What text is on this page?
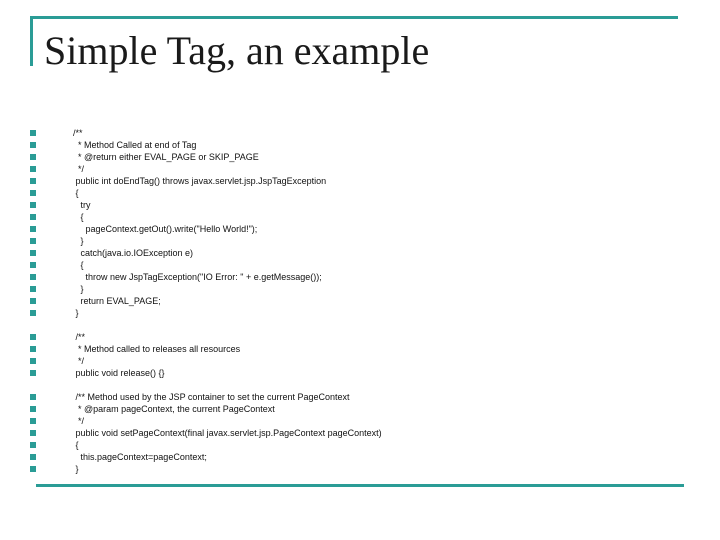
Simple Tag, an example
/**
* Method Called at end of Tag
* @return either EVAL_PAGE or SKIP_PAGE
*/
public int doEndTag() throws javax.servlet.jsp.JspTagException
{
try
{
pageContext.getOut().write("Hello World!");
}
catch(java.io.IOException e)
{
throw new JspTagException("IO Error: " + e.getMessage());
}
return EVAL_PAGE;
}
/**
* Method called to releases all resources
*/
public void release() {}
/** Method used by the JSP container to set the current PageContext
* @param pageContext, the current PageContext
*/
public void setPageContext(final javax.servlet.jsp.PageContext pageContext)
{
this.pageContext=pageContext;
}
